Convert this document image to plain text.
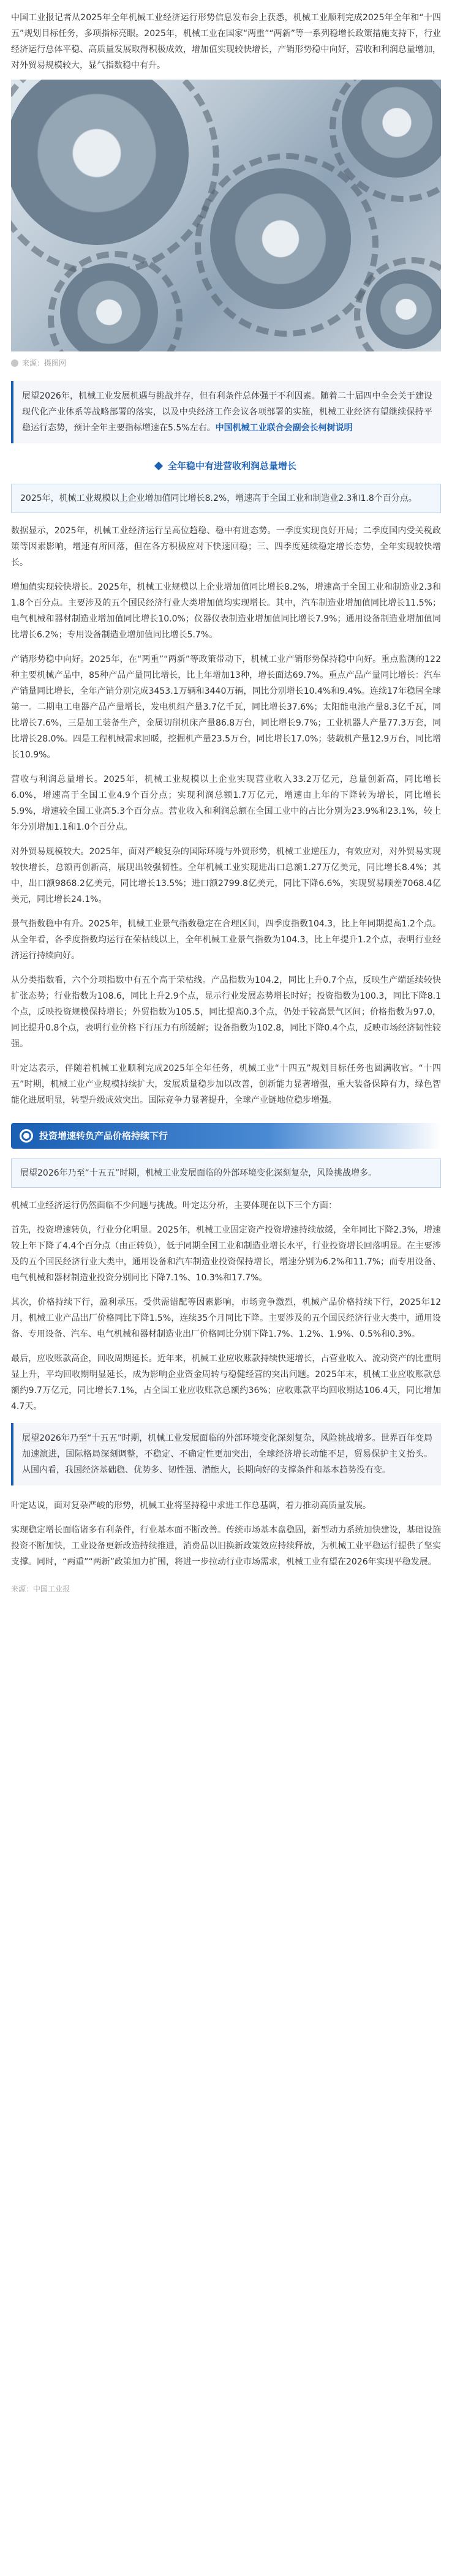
中国工业报记者从2025年全年机械工业经济运行形势信息发布会上获悉，机械工业顺利完成2025年全年和“十四五”规划目标任务，多项指标亮眼。2025年，机械工业在国家“两重”“两新”等一系列稳增长政策措施支持下，行业经济运行总体平稳、高质量发展取得积极成效，增加值实现较快增长，产销形势稳中向好，营收和利润总量增加，对外贸易规模较大，显气指数稳中有升。

来源：摄图网

展望2026年，机械工业发展机遇与挑战并存，但有利条件总体强于不利因素。随着二十届四中全会关于建设现代化产业体系等战略部署的落实，以及中央经济工作会议各项部署的实施，机械工业经济有望继续保持平稳运行态势，预计全年主要指标增速在5.5%左右。中国机械工业联合会副会长柯树说明

全年稳中有进营收利润总量增长

2025年，机械工业规模以上企业增加值同比增长8.2%，增速高于全国工业和制造业2.3和1.8个百分点。

数据显示，2025年，机械工业经济运行呈高位趋稳、稳中有进态势。一季度实现良好开局；二季度国内受关税政策等因素影响，增速有所回落，但在各方积极应对下快速回稳；三、四季度延续稳定增长态势，全年实现较快增长。

增加值实现较快增长。2025年，机械工业规模以上企业增加值同比增长8.2%，增速高于全国工业和制造业2.3和1.8个百分点。主要涉及的五个国民经济行业大类增加值均实现增长。其中，汽车制造业增加值同比增长11.5%；电气机械和器材制造业增加值同比增长10.0%；仪器仪表制造业增加值同比增长7.9%；通用设备制造业增加值同比增长6.2%；专用设备制造业增加值同比增长5.7%。

产销形势稳中向好。2025年，在“两重”“两新”等政策带动下，机械工业产销形势保持稳中向好。重点监测的122种主要机械产品中，85种产品产量同比增长，比上年增加13种，增长面达69.7%。重点产品产量同比增长：汽车产销量同比增长，全年产销分别完成3453.1万辆和3440万辆，同比分别增长10.4%和9.4%。连续17年稳居全球第一。二期电工电器产品产量增长，发电机组产量3.7亿千瓦，同比增长37.6%；太阳能电池产量8.3亿千瓦，同比增长7.6%，三是加工装备生产，金属切削机床产量86.8万台，同比增长9.7%；工业机器人产量77.3万套，同比增长28.0%。四是工程机械需求回暖，挖掘机产量23.5万台，同比增长17.0%；装载机产量12.9万台，同比增长10.9%。

营收与利润总量增长。2025年，机械工业规模以上企业实现营业收入33.2万亿元，总量创新高，同比增长6.0%，增速高于全国工业4.9个百分点；实现利润总额1.7万亿元，增速由上年的下降转为增长，同比增长5.9%，增速较全国工业高5.3个百分点。营业收入和利润总额在全国工业中的占比分别为23.9%和23.1%，较上年分别增加1.1和1.0个百分点。

对外贸易规模较大。2025年，面对严峻复杂的国际环境与外贸形势，机械工业逆压力，有效应对，对外贸易实现较快增长，总额再创新高，展现出较强韧性。全年机械工业实现进出口总额1.27万亿美元，同比增长8.4%；其中，出口额9868.2亿美元，同比增长13.5%；进口额2799.8亿美元，同比下降6.6%，实现贸易顺差7068.4亿美元，同比增长24.1%。

景气指数稳中有升。2025年，机械工业景气指数稳定在合理区间，四季度指数104.3，比上年同期提高1.2个点。从全年看，各季度指数均运行在荣枯线以上，全年机械工业景气指数为104.3，比上年提升1.2个点，表明行业经济运行持续向好。

从分类指数看，六个分项指数中有五个高于荣枯线。产品指数为104.2，同比上升0.7个点，反映生产端延续较快扩张态势；行业指数为108.6，同比上升2.9个点，显示行业发展态势增长时好；投资指数为100.3，同比下降8.1个点，反映投资规模保持增长；外贸指数为105.5，同比提高0.3个点，仍处于较高景气区间；价格指数为97.0，同比提升0.8个点，表明行业价格下行压力有所缓解；设备指数为102.8，同比下降0.4个点，反映市场经济韧性较强。

叶定达表示，伴随着机械工业顺利完成2025年全年任务，机械工业“十四五”规划目标任务也圆满收官。“十四五”时期，机械工业产业规模持续扩大，发展质量稳步加以改善，创新能力显著增强，重大装备保障有力，绿色智能化进展明显，转型升级成效突出。国际竞争力显著提升，全球产业链地位稳步增强。

投资增速转负产品价格持续下行

展望2026年乃至“十五五”时期，机械工业发展面临的外部环境变化深刻复杂，风险挑战增多。

机械工业经济运行仍然面临不少问题与挑战。叶定达分析，主要体现在以下三个方面：

首先，投资增速转负，行业分化明显。2025年，机械工业固定资产投资增速持续放缓，全年同比下降2.3%，增速较上年下降了4.4个百分点（由正转负），低于同期全国工业和制造业增长水平，行业投资增长回落明显。在主要涉及的五个国民经济行业大类中，通用设备和汽车制造业投资保持增长，增速分别为6.2%和11.7%；而专用设备、电气机械和器材制造业投资分别同比下降7.1%、10.3%和17.7%。

其次，价格持续下行，盈利承压。受供需错配等因素影响，市场竞争激烈，机械产品价格持续下行，2025年12月，机械工业产品出厂价格同比下降1.5%，连续35个月同比下降。主要涉及的五个国民经济行业大类中，通用设备、专用设备、汽车、电气机械和器材制造业出厂价格同比分别下降1.7%、1.2%、1.9%、0.5%和0.3%。

最后，应收账款高企，回收周期延长。近年来，机械工业应收账款持续快速增长，占营业收入、流动资产的比重明显上升，平均回收期明显延长，成为影响企业资金周转与稳健经营的突出问题。2025年末，机械工业应收账款总额约9.7万亿元，同比增长7.1%，占全国工业应收账款总额约36%；应收账款平均回收期达106.4天，同比增加4.7天。

展望2026年乃至“十五五”时期，机械工业发展面临的外部环境变化深刻复杂，风险挑战增多。世界百年变局加速演进，国际格局深刻调整，不稳定、不确定性更加突出，全球经济增长动能不足，贸易保护主义抬头。从国内看，我国经济基础稳、优势多、韧性强、潜能大，长期向好的支撑条件和基本趋势没有变。

叶定达说，面对复杂严峻的形势，机械工业将坚持稳中求进工作总基调，着力推动高质量发展。

实现稳定增长面临诸多有利条件，行业基本面不断改善。传统市场基本盘稳固，新型动力系统加快建设，基础设施投资不断加快，工业设备更新改造持续推进，消费品以旧换新政策效应持续释放，为机械工业平稳运行提供了坚实支撑。同时，“两重”“两新”政策加力扩围，将进一步拉动行业市场需求，机械工业有望在2026年实现平稳发展。

来源：中国工业报
